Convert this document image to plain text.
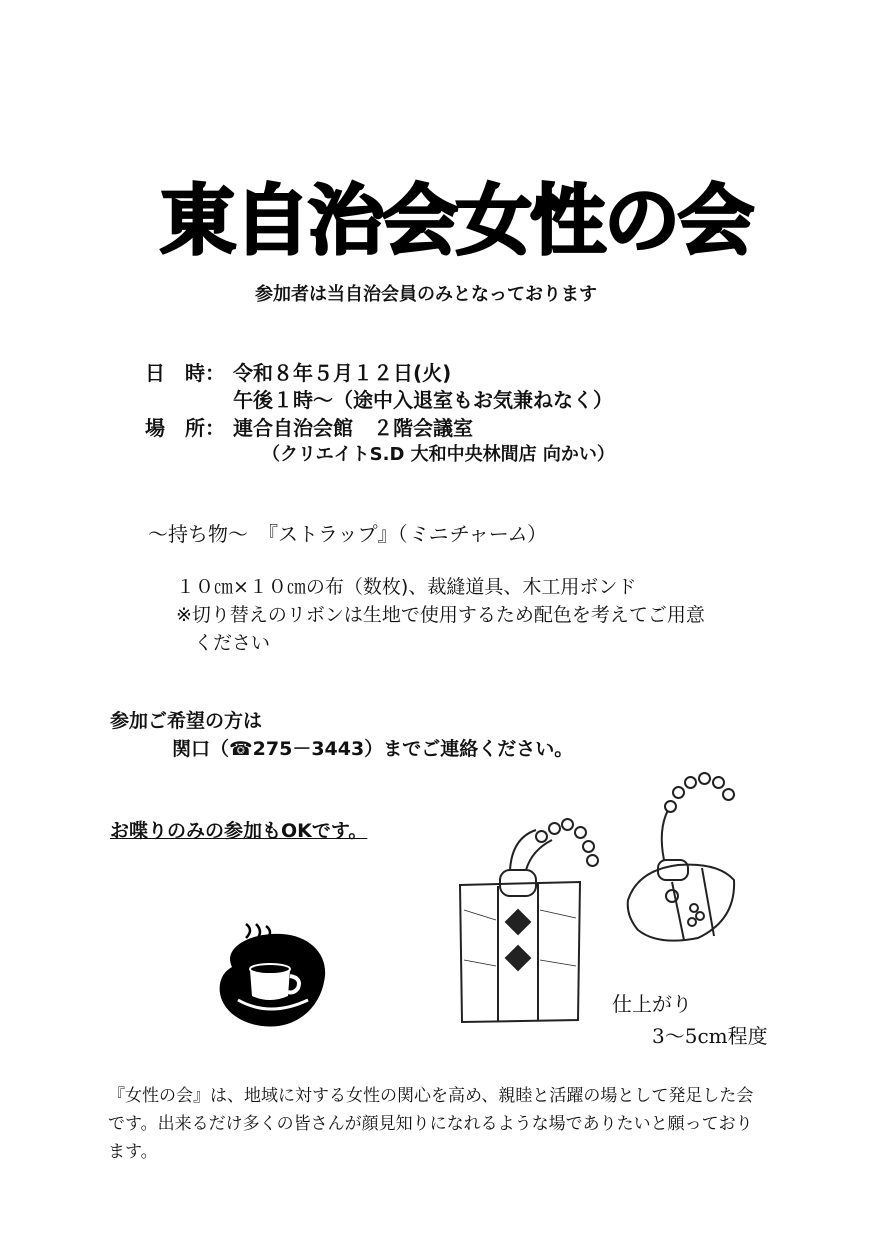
東自治会女性の会
参加者は当自治会員のみとなっております
日　時： 令和８年５月１２日(火)
午後１時～（途中入退室もお気兼ねなく）
場　所： 連合自治会館　２階会議室
（クリエイトS.D 大和中央林間店 向かい）
～持ち物～　『ストラップ』（ミニチャーム）
１０㎝×１０㎝の布（数枚)、裁縫道具、木工用ボンド
※切り替えのリボンは生地で使用するため配色を考えてご用意
ください
参加ご希望の方は
関口（☎275－3443）までご連絡ください。
お喋りのみの参加もOKです。
仕上がり
3～5cm程度
『女性の会』は、地域に対する女性の関心を高め、親睦と活躍の場として発足した会です。出来るだけ多くの皆さんが顔見知りになれるような場でありたいと願っております。
